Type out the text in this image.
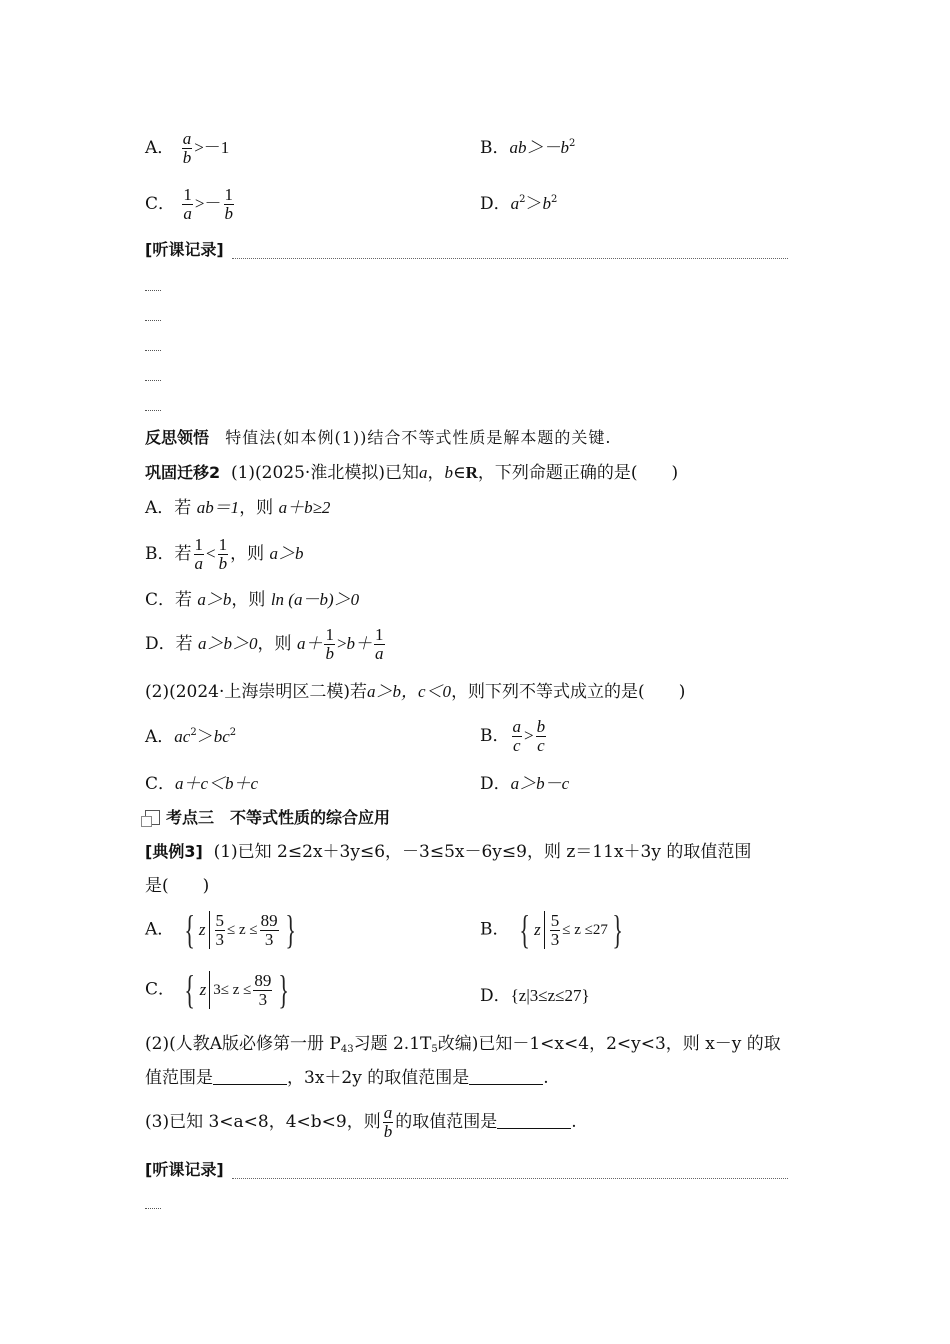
A． $\frac{a}{b} >-1$	B．$ab>-b^2$
C． $\frac{1}{a} >- \frac{1}{b}$	D．$a^2>b^2$
[听课记录]
反思领悟 特值法(如本例(1))结合不等式性质是解本题的关键.
巩固迁移2 (1)(2025·淮北模拟)已知a，b∈R，下列命题正确的是(　　)
A．若 ab＝1，则 a＋b≥2
B．若 $\frac{1}{a} < \frac{1}{b}$ ，则 a＞b
C．若 a＞b，则 ln (a－b)＞0
D．若 a＞b＞0，则 $a+ \frac{1}{b} >b+ \frac{1}{a}$
(2)(2024·上海崇明区二模)若a＞b，c＜0，则下列不等式成立的是(　　)
A．$ac^2>bc^2$	B． $\frac{a}{c} > \frac{b}{c}$
C．a＋c＜b＋c	D．a＞b－c
考点三　不等式性质的综合应用
[典例3] (1)已知 2≤2x＋3y≤6，－3≤5x－6y≤9，则 z＝11x＋3y 的取值范围
是(　　)
A． { z $\frac{5}{3} \le z \le \frac{89}{3}$ }	B． { z $\frac{5}{3} \le z \le 27$ }
C． { z $3\le z \le \frac{89}{3}$ }	D．{z|3≤z≤27}
(2)(人教A版必修第一册 $P_{43}$习题 $2.1T_5$改编)已知－1<x<4，2<y<3，则 x－y 的取
值范围是	，3x＋2y 的取值范围是	.
(3)已知 3<a<8，4<b<9，则 $\frac{a}{b}$ 的取值范围是	.
[听课记录]
